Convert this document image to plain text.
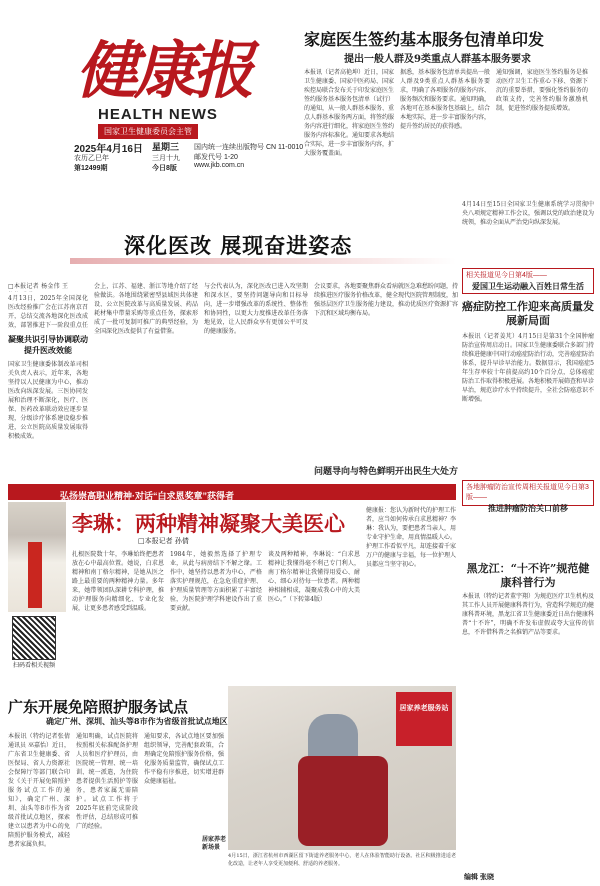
健康报
HEALTH NEWS
国家卫生健康委员会主管
2025年4月16日 星期三
农历乙巳年	三月十九
第12499期	今日8版
国内统一连续出版物号 CN 11-0010
邮发代号 1-20
www.jkb.com.cn
家庭医生签约基本服务包清单印发
提出一般人群及9类重点人群基本服务要求
本报讯（记者高艳坤）近日，国家卫生健康委、国家中医药局、国家疾控局联合发布关于印发家庭医生签约服务基本服务包清单（试行）的通知，从一般人群基本服务、重点人群基本服务两方面，将签约服务内容进行细化，将家庭医生签约服务内容标准化。通知要求各地结合实际，进一步丰富服务内容，扩大服务覆盖面。
据悉，基本服务包清单共提出一般人群及9类重点人群基本服务要求，明确了各项服务的服务内容、服务频次和服务要求。通知明确，各地可在基本服务包基础上，结合本地实际，进一步丰富服务内容，提升签约居民的获得感。
通知强调，家庭医生签约服务是推动医疗卫生工作重心下移、资源下沉的重要举措，要强化签约服务的政策支持，完善签约服务激励机制，促进签约服务提质增效。
深化医改 展现奋进姿态
□本报记者 杨金伟 王
4月13日，2025年全国深化医改经验推广会在江苏南京召开，总结交流各地深化医改成效，部署推进下一阶段重点任
凝聚共识引导协调联动提升医改效能
国家卫生健康委体制改革司相关负责人表示，近年来，各地坚持以人民健康为中心，推动医改向纵深发展。三医协同发展和治理不断深化，医疗、医保、医药改革联动效应逐步显现，分级诊疗体系建设稳步推进，公立医院高质量发展取得积极成效。
会上，江苏、福建、浙江等地介绍了经验做法。各地围绕紧密型县域医共体建设、公立医院改革与高质量发展、药品耗材集中带量采购等重点任务，探索形成了一批可复制可推广的典型经验，为全国深化医改提供了有益借鉴。
与会代表认为，深化医改已进入攻坚期和深水区，要坚持问题导向和目标导向，进一步增强改革的系统性、整体性和协同性，以更大力度推进改革任务落地见效，让人民群众享有更加公平可及的健康服务。
会议要求，各地要聚焦群众看病就医急难愁盼问题，持续推进医疗服务价格改革，健全现代医院管理制度，加强基层医疗卫生服务能力建设，推动优质医疗资源扩容下沉和区域均衡布局。
问题导向与特色鲜明开出民生大处方
弘扬崇高职业精神·对话“白求恩奖章”获得者
李琳：两种精神凝聚大美医心
□本报记者 孙倩
扎根医院数十年，李琳始终把患者放在心中最高位置。她说，白求恩精神和南丁格尔精神，是她从医之路上最重要的两种精神力量。多年来，她带领团队深耕专科护理，推动护理服务向精细化、专业化发展，让更多患者感受到温暖。
1984年，她毅然选择了护理专业，从此与病房结下不解之缘。工作中，她坚持以患者为中心，严格落实护理规范，在急危重症护理、护理质量管理等方面积累了丰富经验，为医院护理学科建设作出了重要贡献。
谈及两种精神，李琳说：“白求恩精神让我懂得毫不利己专门利人，南丁格尔精神让我懂得用爱心、耐心、细心对待每一位患者。两种精神相辅相成，凝聚成我心中的大美医心。”（下转第4版）
健康报：您认为新时代的护理工作者，应当如何传承白求恩精神？李琳：我认为，要把患者当亲人，用专业守护生命，用真情温暖人心。护理工作看似平凡，却连接着千家万户的健康与幸福，每一位护理人员都应当坚守初心。
扫码看相关视频
4月14日至15日全国家卫生健康系统学习贯彻中央八项规定精神工作会议，强调以党的政治建设为统领，推动全面从严治党向纵深发展。
相关报道见今日第4版——
爱国卫生运动融入百姓日常生活
癌症防控工作迎来高质量发展新局面
本报讯（记者姜芃）4月15日是第31个全国肿瘤防治宣传周启动日。国家卫生健康委联合多部门持续推进健康中国行动癌症防治行动，完善癌症防治体系，提升早诊早治能力。数据显示，我国癌症5年生存率较十年前提高约10个百分点，总体癌症防治工作取得积极进展。各地积极开展筛查和早诊早治，规范诊疗水平持续提升，全社会防癌意识不断增强。
各地肿瘤防治宣传周相关报道见今日第3版——
推进肿瘤防治关口前移
黑龙江：“十不许”规范健康科普行为
本报讯（特约记者董宇翔）为规范医疗卫生机构及其工作人员开展健康科普行为，营造科学规范的健康科普环境，黑龙江省卫生健康委近日出台健康科普“十不许”，明确不许发布虚假或夸大宣传的信息，不许借科普之名推销产品等要求。
广东开展免陪照护服务试点
确定广州、深圳、汕头等8市作为省级首批试点地区
本报讯（特约记者张倩 通讯员 巫嘉怡）近日，广东省卫生健康委、省医保局、省人力资源社会保障厅等部门联合印发《关于开展免陪照护服务试点工作的通知》，确定广州、深圳、汕头等8市作为省级首批试点地区，探索建立以患者为中心的免陪照护服务模式，减轻患者家属负担。
通知明确，试点医院将按照相关标准配备护理人员和医疗护理员，由医院统一管理、统一培训、统一派遣，为住院患者提供生活照护等服务，患者家属无需陪护。试点工作将于2025年底前完成阶段性评估，总结形成可推广的经验。
通知要求，各试点地区要加强组织领导，完善配套政策，合理确定免陪照护服务价格，强化服务质量监管，确保试点工作平稳有序推进，切实增进群众健康福祉。
居家养老服务站
居家养老新场景
4月15日，浙江省杭州市西湖区留下街道养老服务中心，老人在体验智能助行设备。社区积极推进适老化改造，让老年人享受更加便利、舒适的养老服务。
编辑 张晓
